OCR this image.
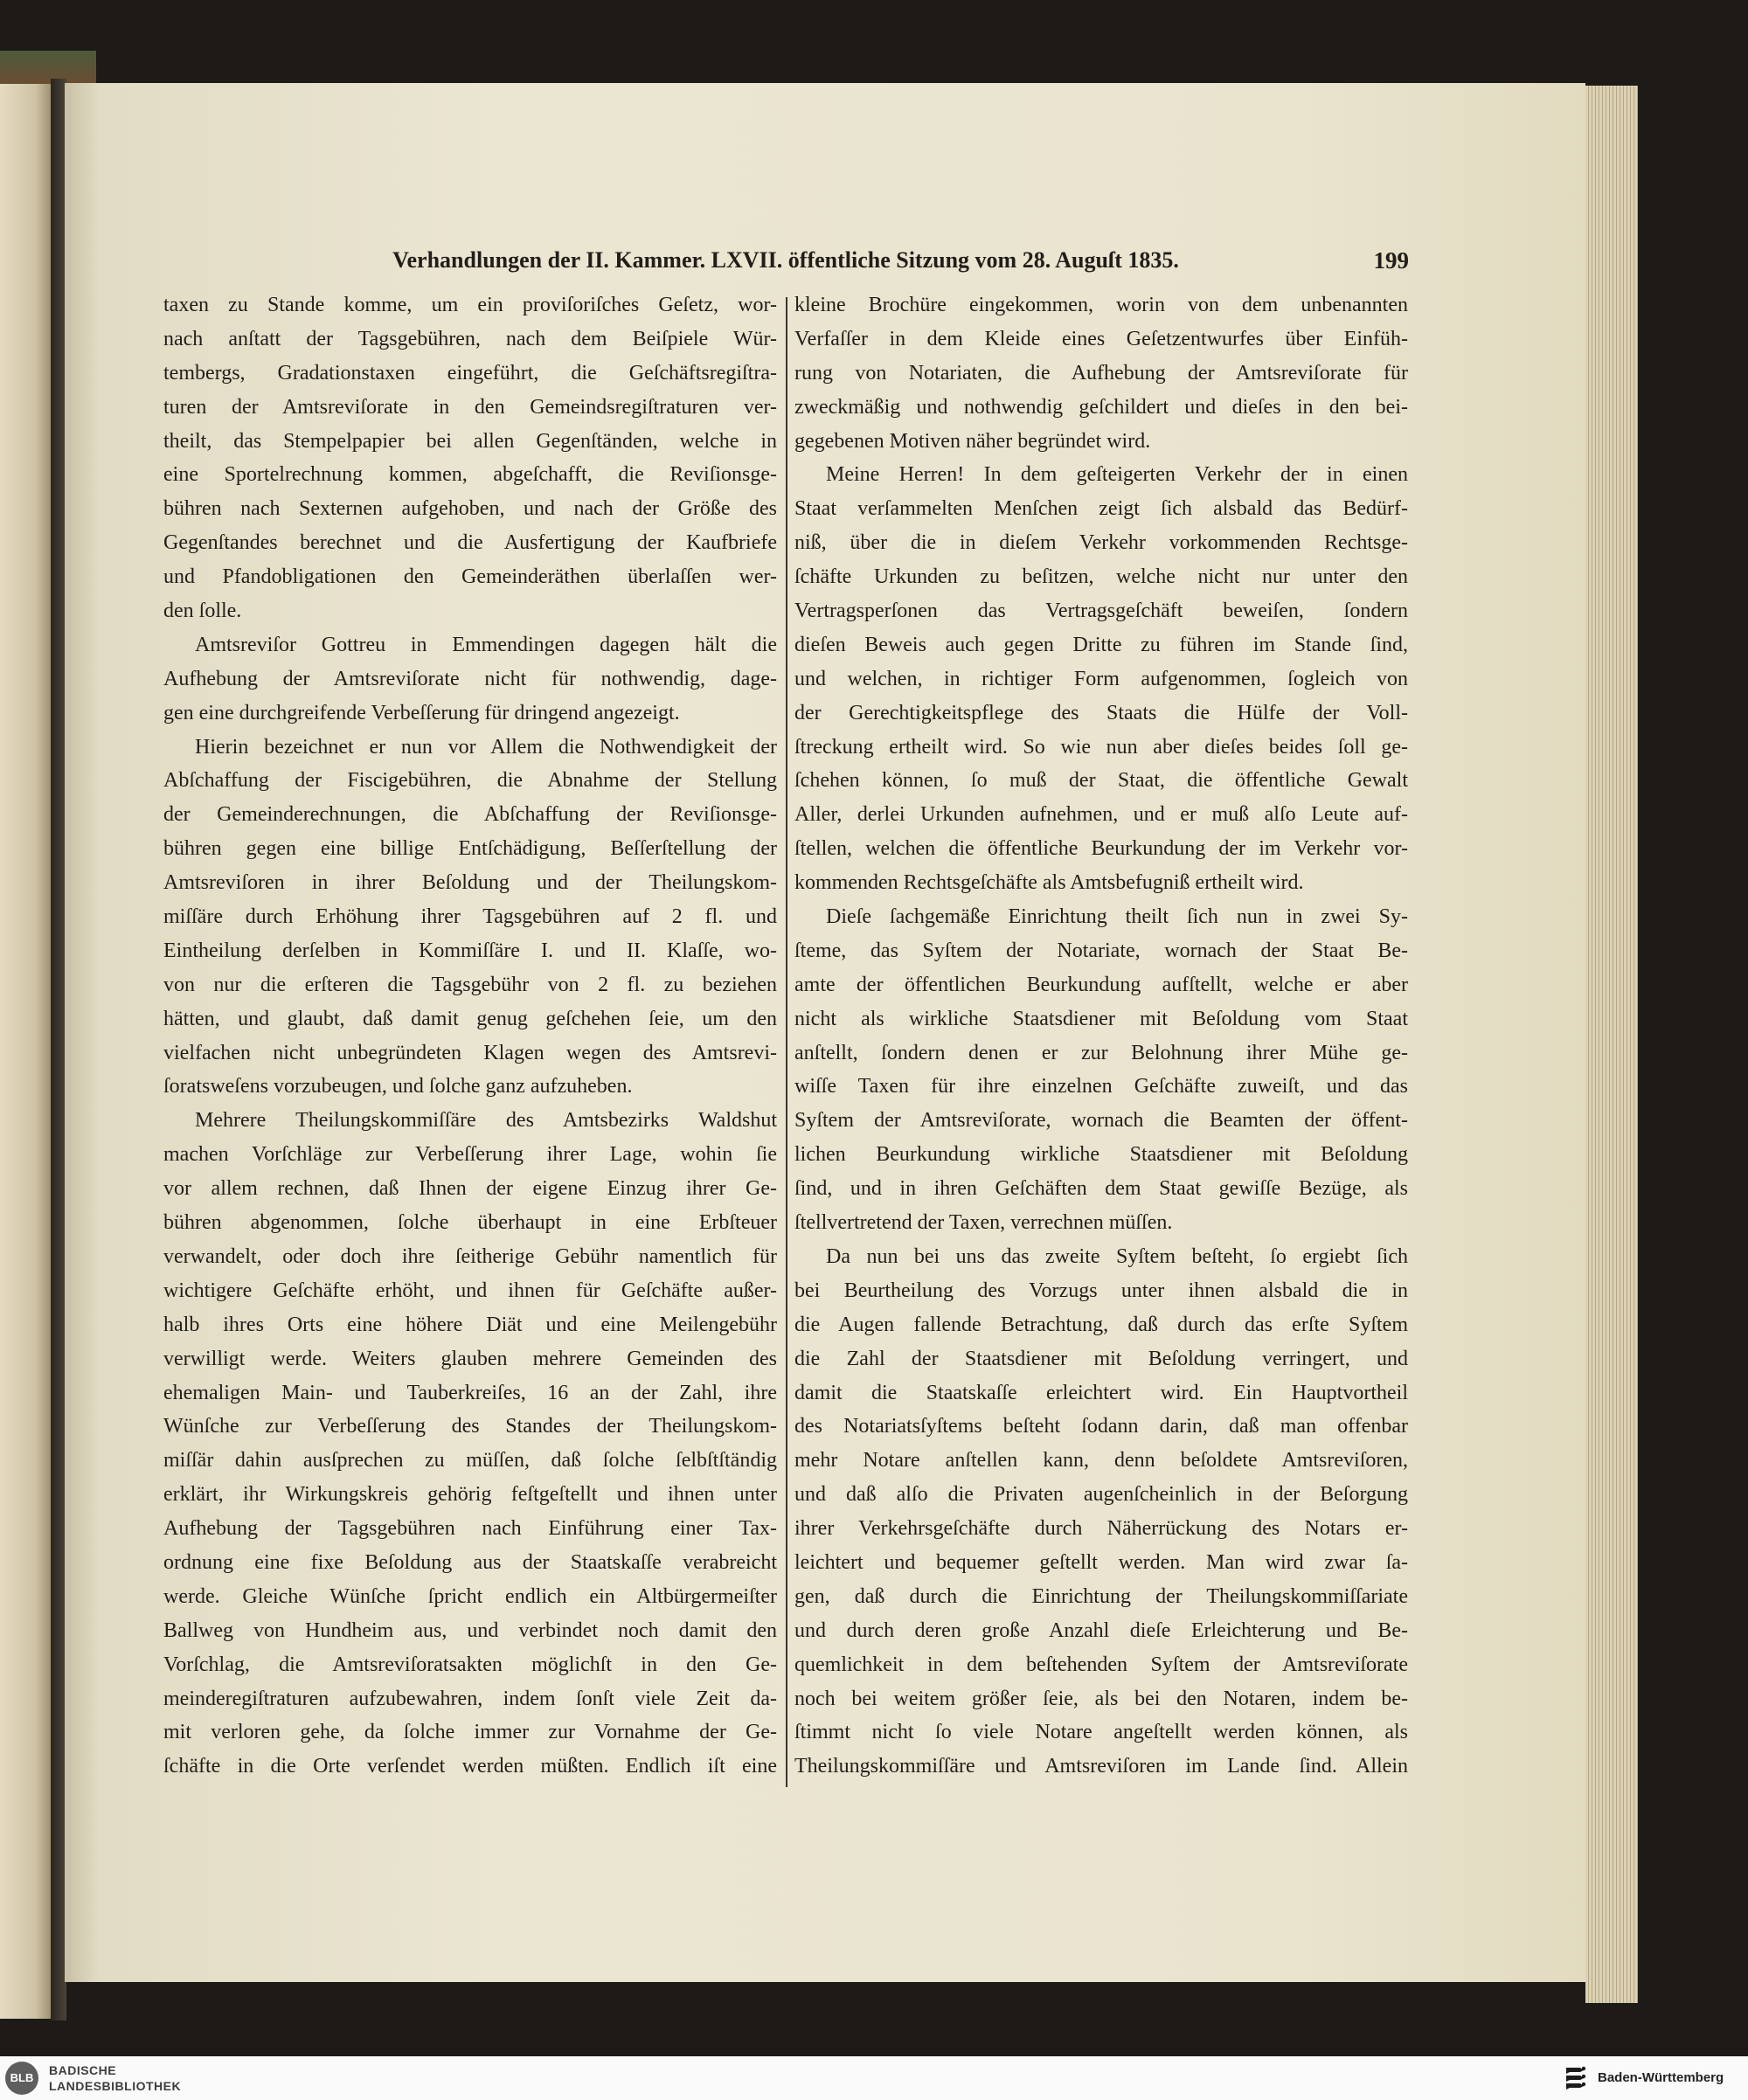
Verhandlungen der II. Kammer. LXVII. öffentliche Sitzung vom 28. Auguſt 1835.	199
taxen zu Stande komme, um ein proviſoriſches Geſetz, wor-
nach anſtatt der Tagsgebühren, nach dem Beiſpiele Wür-
tembergs, Gradationstaxen eingeführt, die Geſchäftsregiſtra-
turen der Amtsreviſorate in den Gemeindsregiſtraturen ver-
theilt, das Stempelpapier bei allen Gegenſtänden, welche in
eine Sportelrechnung kommen, abgeſchafft, die Reviſionsge-
bühren nach Sexternen aufgehoben, und nach der Größe des
Gegenſtandes berechnet und die Ausfertigung der Kaufbriefe
und Pfandobligationen den Gemeinderäthen überlaſſen wer-
den ſolle.
Amtsreviſor Gottreu in Emmendingen dagegen hält die
Aufhebung der Amtsreviſorate nicht für nothwendig, dage-
gen eine durchgreifende Verbeſſerung für dringend angezeigt.
Hierin bezeichnet er nun vor Allem die Nothwendigkeit der
Abſchaffung der Fiscigebühren, die Abnahme der Stellung
der Gemeinderechnungen, die Abſchaffung der Reviſionsge-
bühren gegen eine billige Entſchädigung, Beſſerſtellung der
Amtsreviſoren in ihrer Beſoldung und der Theilungskom-
miſſäre durch Erhöhung ihrer Tagsgebühren auf 2 fl. und
Eintheilung derſelben in Kommiſſäre I. und II. Klaſſe, wo-
von nur die erſteren die Tagsgebühr von 2 fl. zu beziehen
hätten, und glaubt, daß damit genug geſchehen ſeie, um den
vielfachen nicht unbegründeten Klagen wegen des Amtsrevi-
ſoratsweſens vorzubeugen, und ſolche ganz aufzuheben.
Mehrere Theilungskommiſſäre des Amtsbezirks Waldshut
machen Vorſchläge zur Verbeſſerung ihrer Lage, wohin ſie
vor allem rechnen, daß Ihnen der eigene Einzug ihrer Ge-
bühren abgenommen, ſolche überhaupt in eine Erbſteuer
verwandelt, oder doch ihre ſeitherige Gebühr namentlich für
wichtigere Geſchäfte erhöht, und ihnen für Geſchäfte außer-
halb ihres Orts eine höhere Diät und eine Meilengebühr
verwilligt werde. Weiters glauben mehrere Gemeinden des
ehemaligen Main- und Tauberkreiſes, 16 an der Zahl, ihre
Wünſche zur Verbeſſerung des Standes der Theilungskom-
miſſär dahin ausſprechen zu müſſen, daß ſolche ſelbſtſtändig
erklärt, ihr Wirkungskreis gehörig feſtgeſtellt und ihnen unter
Aufhebung der Tagsgebühren nach Einführung einer Tax-
ordnung eine fixe Beſoldung aus der Staatskaſſe verabreicht
werde. Gleiche Wünſche ſpricht endlich ein Altbürgermeiſter
Ballweg von Hundheim aus, und verbindet noch damit den
Vorſchlag, die Amtsreviſoratsakten möglichſt in den Ge-
meinderegiſtraturen aufzubewahren, indem ſonſt viele Zeit da-
mit verloren gehe, da ſolche immer zur Vornahme der Ge-
ſchäfte in die Orte verſendet werden müßten. Endlich iſt eine
kleine Brochüre eingekommen, worin von dem unbenannten
Verfaſſer in dem Kleide eines Geſetzentwurfes über Einfüh-
rung von Notariaten, die Aufhebung der Amtsreviſorate für
zweckmäßig und nothwendig geſchildert und dieſes in den bei-
gegebenen Motiven näher begründet wird.
Meine Herren! In dem geſteigerten Verkehr der in einen
Staat verſammelten Menſchen zeigt ſich alsbald das Bedürf-
niß, über die in dieſem Verkehr vorkommenden Rechtsge-
ſchäfte Urkunden zu beſitzen, welche nicht nur unter den
Vertragsperſonen das Vertragsgeſchäft beweiſen, ſondern
dieſen Beweis auch gegen Dritte zu führen im Stande ſind,
und welchen, in richtiger Form aufgenommen, ſogleich von
der Gerechtigkeitspflege des Staats die Hülfe der Voll-
ſtreckung ertheilt wird. So wie nun aber dieſes beides ſoll ge-
ſchehen können, ſo muß der Staat, die öffentliche Gewalt
Aller, derlei Urkunden aufnehmen, und er muß alſo Leute auf-
ſtellen, welchen die öffentliche Beurkundung der im Verkehr vor-
kommenden Rechtsgeſchäfte als Amtsbefugniß ertheilt wird.
Dieſe ſachgemäße Einrichtung theilt ſich nun in zwei Sy-
ſteme, das Syſtem der Notariate, wornach der Staat Be-
amte der öffentlichen Beurkundung aufſtellt, welche er aber
nicht als wirkliche Staatsdiener mit Beſoldung vom Staat
anſtellt, ſondern denen er zur Belohnung ihrer Mühe ge-
wiſſe Taxen für ihre einzelnen Geſchäfte zuweiſt, und das
Syſtem der Amtsreviſorate, wornach die Beamten der öffent-
lichen Beurkundung wirkliche Staatsdiener mit Beſoldung
ſind, und in ihren Geſchäften dem Staat gewiſſe Bezüge, als
ſtellvertretend der Taxen, verrechnen müſſen.
Da nun bei uns das zweite Syſtem beſteht, ſo ergiebt ſich
bei Beurtheilung des Vorzugs unter ihnen alsbald die in
die Augen fallende Betrachtung, daß durch das erſte Syſtem
die Zahl der Staatsdiener mit Beſoldung verringert, und
damit die Staatskaſſe erleichtert wird. Ein Hauptvortheil
des Notariatsſyſtems beſteht ſodann darin, daß man offenbar
mehr Notare anſtellen kann, denn beſoldete Amtsreviſoren,
und daß alſo die Privaten augenſcheinlich in der Beſorgung
ihrer Verkehrsgeſchäfte durch Näherrückung des Notars er-
leichtert und bequemer geſtellt werden. Man wird zwar ſa-
gen, daß durch die Einrichtung der Theilungskommiſſariate
und durch deren große Anzahl dieſe Erleichterung und Be-
quemlichkeit in dem beſtehenden Syſtem der Amtsreviſorate
noch bei weitem größer ſeie, als bei den Notaren, indem be-
ſtimmt nicht ſo viele Notare angeſtellt werden können, als
Theilungskommiſſäre und Amtsreviſoren im Lande ſind. Allein
BLB
BADISCHE
LANDESBIBLIOTHEK
Baden-Württemberg
